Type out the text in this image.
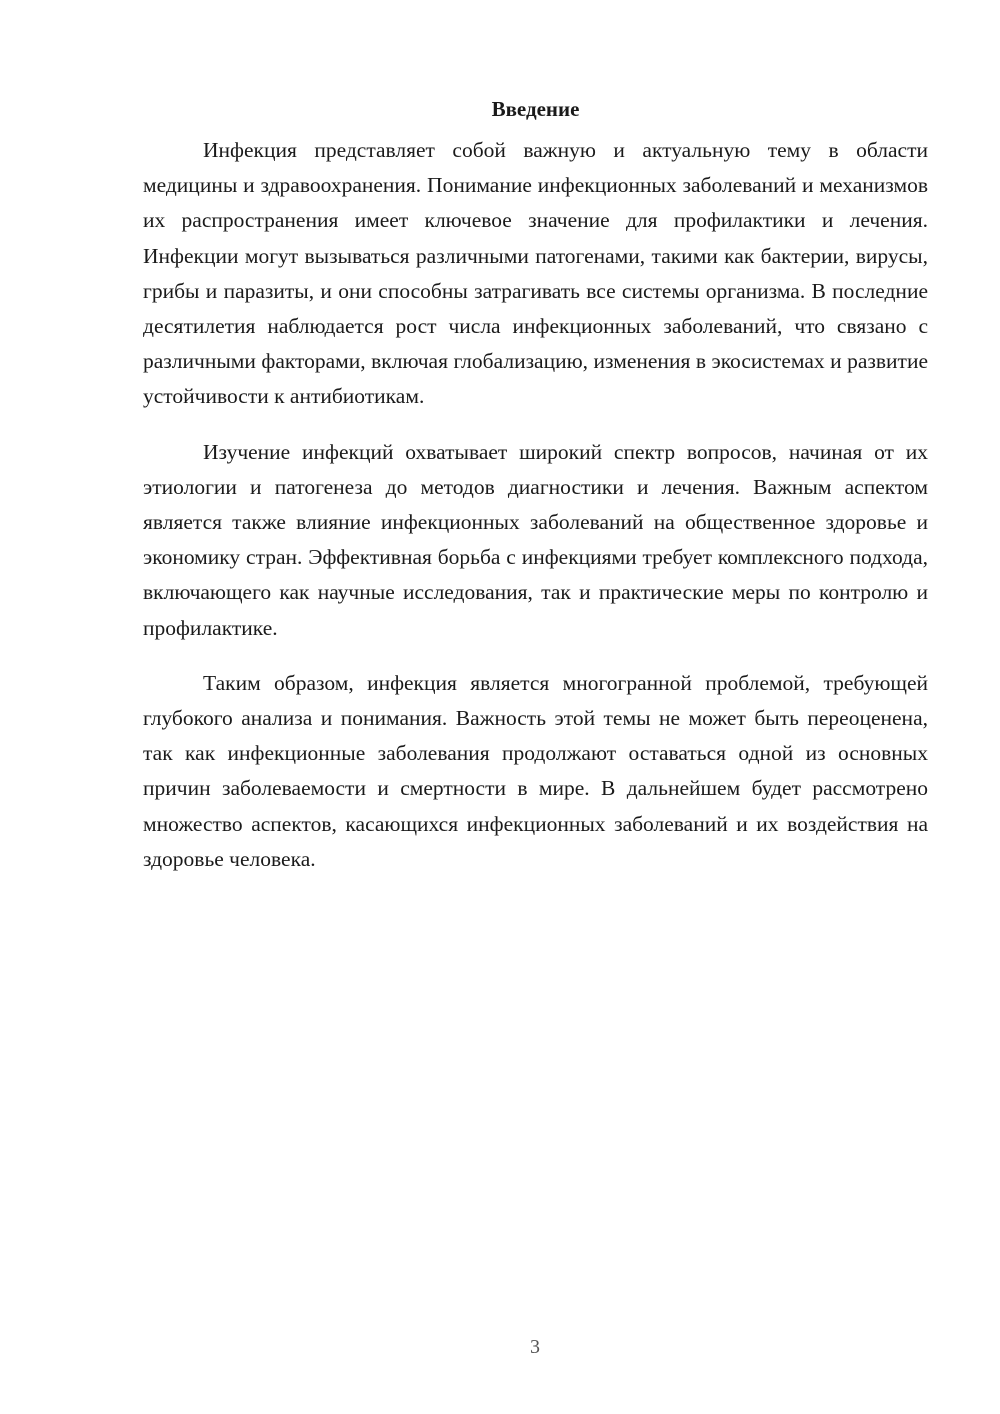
Введение

Инфекция представляет собой важную и актуальную тему в области медицины и здравоохранения. Понимание инфекционных заболеваний и механизмов их распространения имеет ключевое значение для профилактики и лечения. Инфекции могут вызываться различными патогенами, такими как бактерии, вирусы, грибы и паразиты, и они способны затрагивать все системы организма. В последние десятилетия наблюдается рост числа инфекционных заболеваний, что связано с различными факторами, включая глобализацию, изменения в экосистемах и развитие устойчивости к антибиотикам.

Изучение инфекций охватывает широкий спектр вопросов, начиная от их этиологии и патогенеза до методов диагностики и лечения. Важным аспектом является также влияние инфекционных заболеваний на общественное здоровье и экономику стран. Эффективная борьба с инфекциями требует комплексного подхода, включающего как научные исследования, так и практические меры по контролю и профилактике.

Таким образом, инфекция является многогранной проблемой, требующей глубокого анализа и понимания. Важность этой темы не может быть переоценена, так как инфекционные заболевания продолжают оставаться одной из основных причин заболеваемости и смертности в мире. В дальнейшем будет рассмотрено множество аспектов, касающихся инфекционных заболеваний и их воздействия на здоровье человека.

3
